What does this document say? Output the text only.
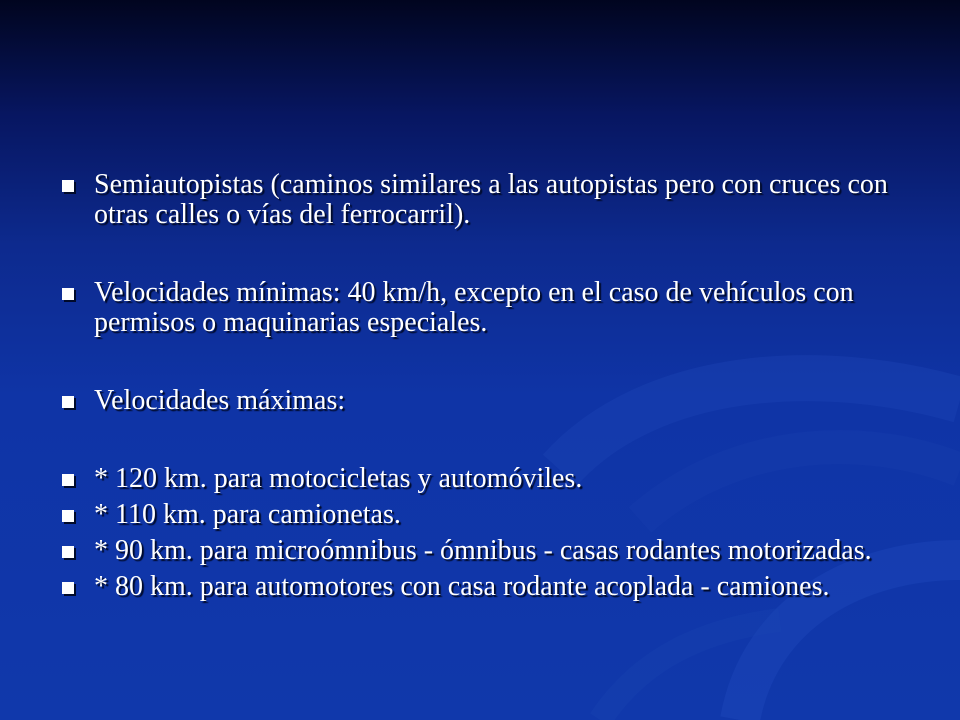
Semiautopistas (caminos similares a las autopistas pero con cruces con otras calles o vías del ferrocarril).
Velocidades mínimas: 40 km/h, excepto en el caso de vehículos con permisos o maquinarias especiales.
Velocidades máximas:
* 120 km. para motocicletas y automóviles.
* 110 km. para camionetas.
* 90 km. para microómnibus - ómnibus - casas rodantes motorizadas.
* 80 km. para automotores con casa rodante acoplada - camiones.
